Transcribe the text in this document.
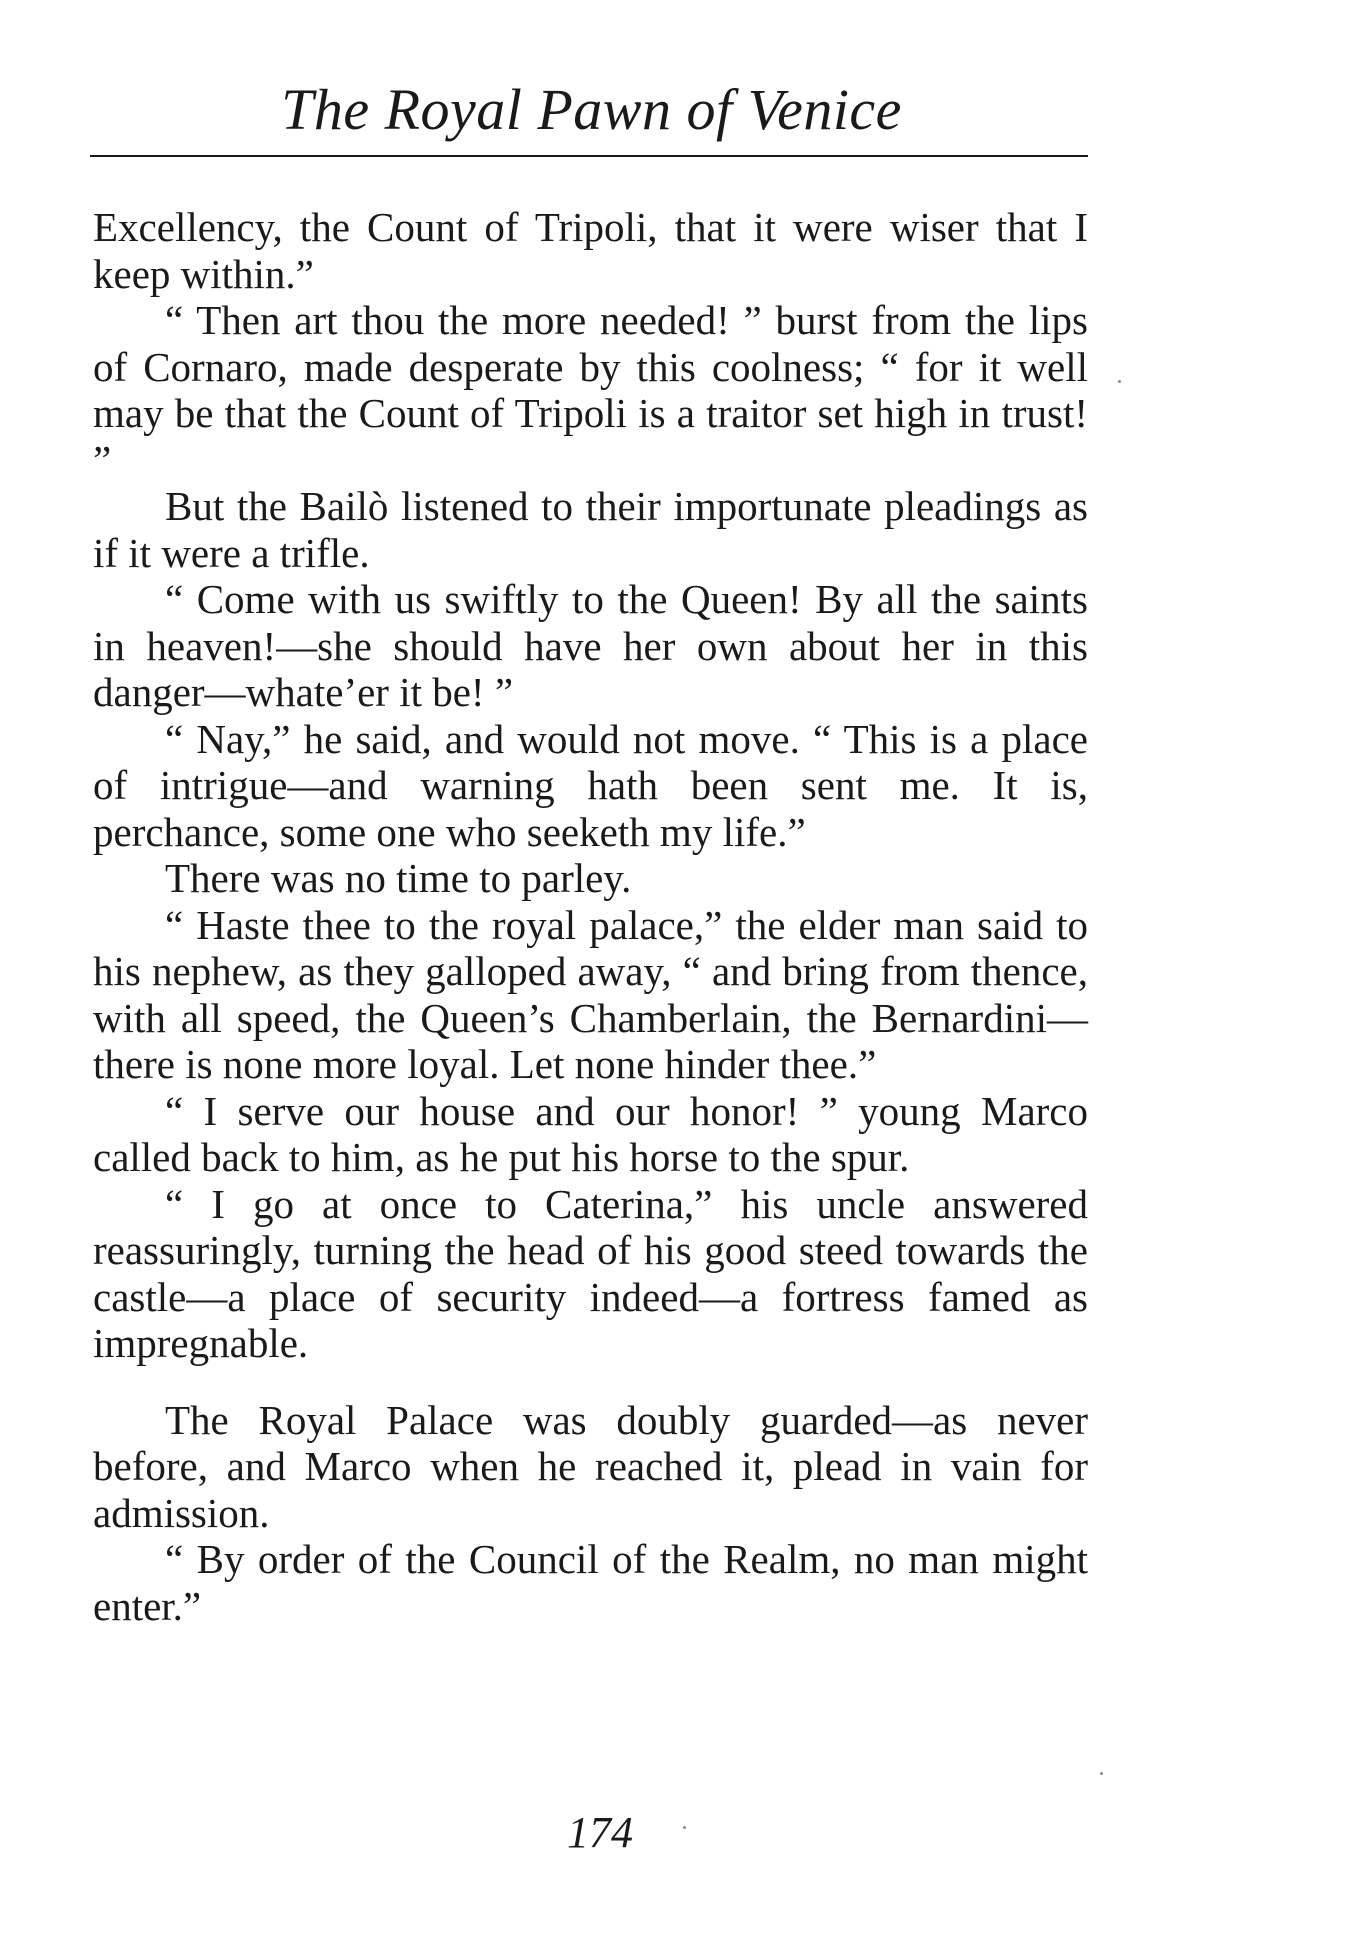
The Royal Pawn of Venice

Excellency, the Count of Tripoli, that it were wiser that I keep within.”

“ Then art thou the more needed! ” burst from the lips of Cornaro, made desperate by this coolness; “ for it well may be that the Count of Tripoli is a traitor set high in trust! ”

But the Bailò listened to their importunate pleadings as if it were a trifle.

“ Come with us swiftly to the Queen! By all the saints in heaven!—she should have her own about her in this danger—whate’er it be! ”

“ Nay,” he said, and would not move. “ This is a place of intrigue—and warning hath been sent me. It is, perchance, some one who seeketh my life.”

There was no time to parley.

“ Haste thee to the royal palace,” the elder man said to his nephew, as they galloped away, “ and bring from thence, with all speed, the Queen’s Chamberlain, the Bernardini—there is none more loyal. Let none hinder thee.”

“ I serve our house and our honor! ” young Marco called back to him, as he put his horse to the spur.

“ I go at once to Caterina,” his uncle answered reassuringly, turning the head of his good steed towards the castle—a place of security indeed—a fortress famed as impregnable.

The Royal Palace was doubly guarded—as never before, and Marco when he reached it, plead in vain for admission.

“ By order of the Council of the Realm, no man might enter.”

174
